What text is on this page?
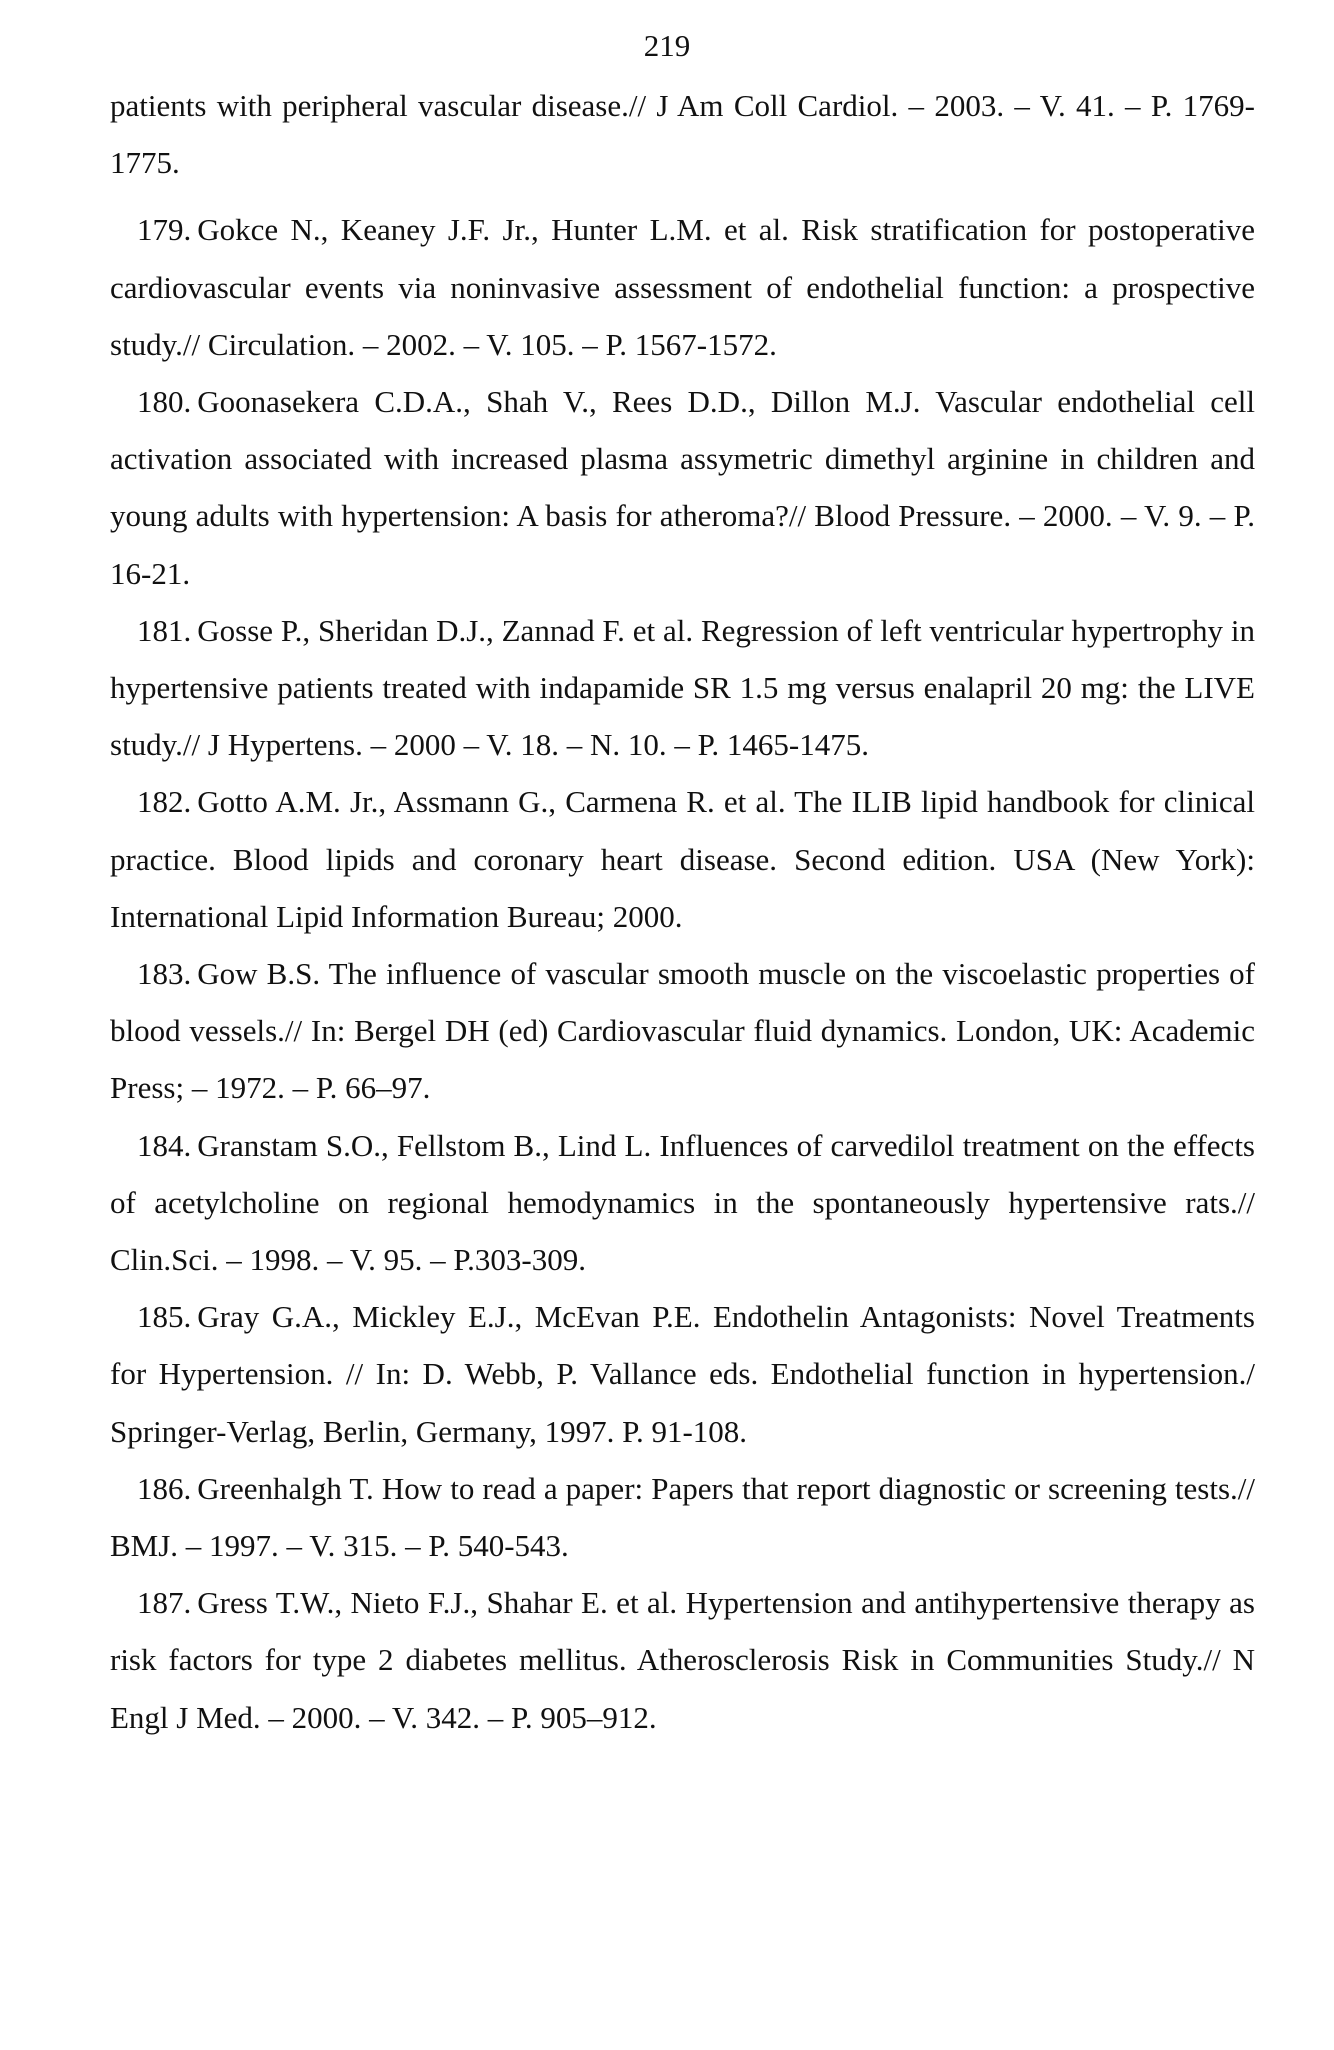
219
patients with peripheral vascular disease.// J Am Coll Cardiol. – 2003. – V. 41. – P. 1769-1775.
179. Gokce N., Keaney J.F. Jr., Hunter L.M. et al. Risk stratification for postoperative cardiovascular events via noninvasive assessment of endothelial function: a prospective study.// Circulation. – 2002. – V. 105. – P. 1567-1572.
180. Goonasekera C.D.A., Shah V., Rees D.D., Dillon M.J. Vascular endothelial cell activation associated with increased plasma assymetric dimethyl arginine in children and young adults with hypertension: A basis for atheroma?// Blood Pressure. – 2000. – V. 9. – P. 16-21.
181. Gosse P., Sheridan D.J., Zannad F. et al. Regression of left ventricular hypertrophy in hypertensive patients treated with indapamide SR 1.5 mg versus enalapril 20 mg: the LIVE study.// J Hypertens. – 2000 – V. 18. – N. 10. – P. 1465-1475.
182. Gotto A.M. Jr., Assmann G., Carmena R. et al. The ILIB lipid handbook for clinical practice. Blood lipids and coronary heart disease. Second edition. USA (New York): International Lipid Information Bureau; 2000.
183. Gow B.S. The influence of vascular smooth muscle on the viscoelastic properties of blood vessels.// In: Bergel DH (ed) Cardiovascular fluid dynamics. London, UK: Academic Press; – 1972. – P. 66–97.
184. Granstam S.O., Fellstom B., Lind L. Influences of carvedilol treatment on the effects of acetylcholine on regional hemodynamics in the spontaneously hypertensive rats.// Clin.Sci. – 1998. – V. 95. – P.303-309.
185. Gray G.A., Mickley E.J., McEvan P.E. Endothelin Antagonists: Novel Treatments for Hypertension. // In: D. Webb, P. Vallance eds. Endothelial function in hypertension./ Springer-Verlag, Berlin, Germany, 1997. P. 91-108.
186. Greenhalgh T. How to read a paper: Papers that report diagnostic or screening tests.// BMJ. – 1997. – V. 315. – P. 540-543.
187. Gress T.W., Nieto F.J., Shahar E. et al. Hypertension and antihypertensive therapy as risk factors for type 2 diabetes mellitus. Atherosclerosis Risk in Communities Study.// N Engl J Med. – 2000. – V. 342. – P. 905–912.
